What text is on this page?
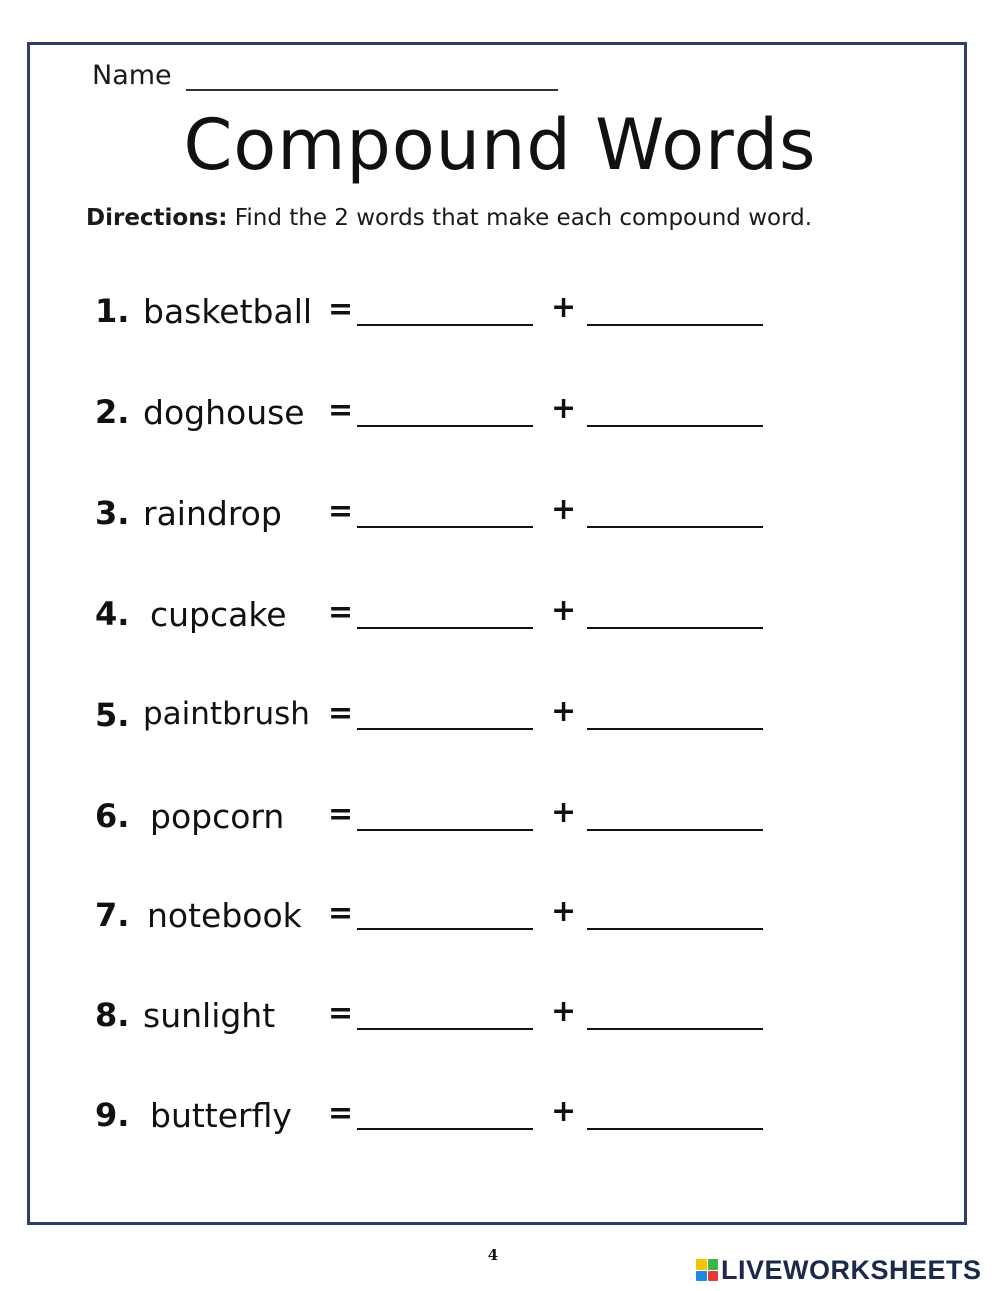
Name
Compound Words
Directions: Find the 2 words that make each compound word.
1. basketball =	+
2. doghouse =	+
3. raindrop =	+
4. cupcake =	+
5. paintbrush =	+
6. popcorn =	+
7. notebook =	+
8. sunlight =	+
9. butterfly =	+
4	LIVEWORKSHEETS
